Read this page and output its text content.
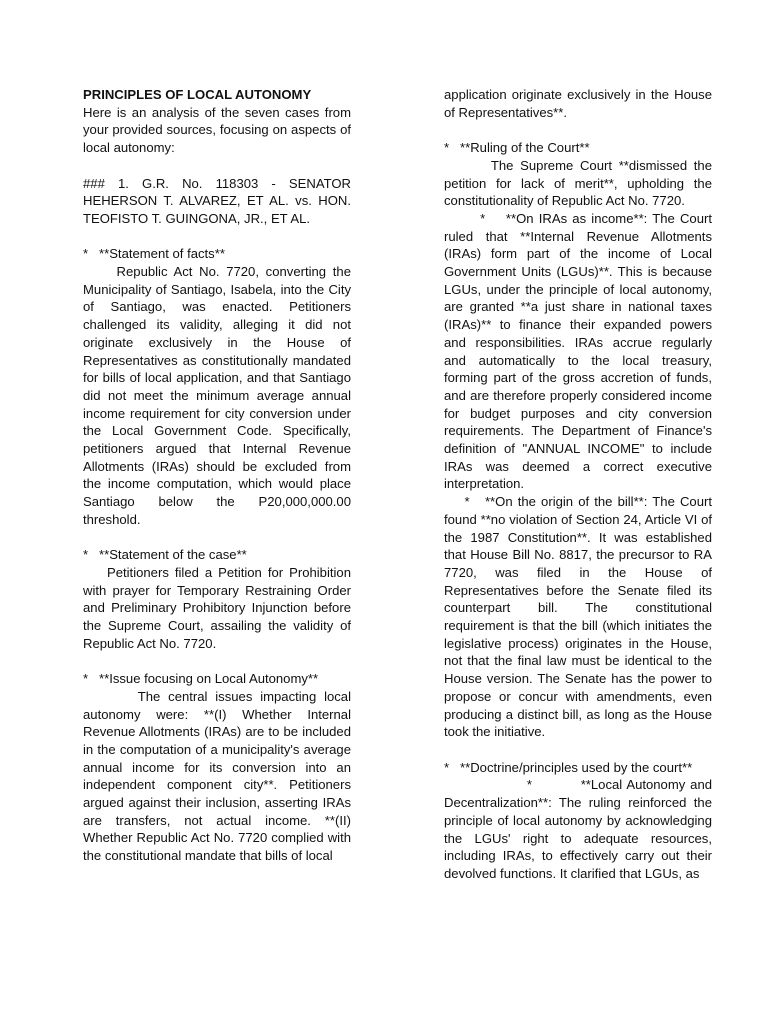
PRINCIPLES OF LOCAL AUTONOMY

Here is an analysis of the seven cases from your provided sources, focusing on aspects of local autonomy:

### 1. G.R. No. 118303 - SENATOR HEHERSON T. ALVAREZ, ET AL. vs. HON. TEOFISTO T. GUINGONA, JR., ET AL.

*   **Statement of facts**

Republic Act No. 7720, converting the Municipality of Santiago, Isabela, into the City of Santiago, was enacted. Petitioners challenged its validity, alleging it did not originate exclusively in the House of Representatives as constitutionally mandated for bills of local application, and that Santiago did not meet the minimum average annual income requirement for city conversion under the Local Government Code. Specifically, petitioners argued that Internal Revenue Allotments (IRAs) should be excluded from the income computation, which would place Santiago below the P20,000,000.00 threshold.

*   **Statement of the case**

Petitioners filed a Petition for Prohibition with prayer for Temporary Restraining Order and Preliminary Prohibitory Injunction before the Supreme Court, assailing the validity of Republic Act No. 7720.

*   **Issue focusing on Local Autonomy**

The central issues impacting local autonomy were: **(I) Whether Internal Revenue Allotments (IRAs) are to be included in the computation of a municipality's average annual income for its conversion into an independent component city**. Petitioners argued against their inclusion, asserting IRAs are transfers, not actual income. **(II) Whether Republic Act No. 7720 complied with the constitutional mandate that bills of local

application originate exclusively in the House of Representatives**.

*   **Ruling of the Court**

The Supreme Court **dismissed the petition for lack of merit**, upholding the constitutionality of Republic Act No. 7720.

*    **On IRAs as income**: The Court ruled that **Internal Revenue Allotments (IRAs) form part of the income of Local Government Units (LGUs)**. This is because LGUs, under the principle of local autonomy, are granted **a just share in national taxes (IRAs)** to finance their expanded powers and responsibilities. IRAs accrue regularly and automatically to the local treasury, forming part of the gross accretion of funds, and are therefore properly considered income for budget purposes and city conversion requirements. The Department of Finance's definition of "ANNUAL INCOME" to include IRAs was deemed a correct executive interpretation.

*   **On the origin of the bill**: The Court found **no violation of Section 24, Article VI of the 1987 Constitution**. It was established that House Bill No. 8817, the precursor to RA 7720, was filed in the House of Representatives before the Senate filed its counterpart bill. The constitutional requirement is that the bill (which initiates the legislative process) originates in the House, not that the final law must be identical to the House version. The Senate has the power to propose or concur with amendments, even producing a distinct bill, as long as the House took the initiative.

*   **Doctrine/principles used by the court**

*          **Local Autonomy and Decentralization**: The ruling reinforced the principle of local autonomy by acknowledging the LGUs' right to adequate resources, including IRAs, to effectively carry out their devolved functions. It clarified that LGUs, as
